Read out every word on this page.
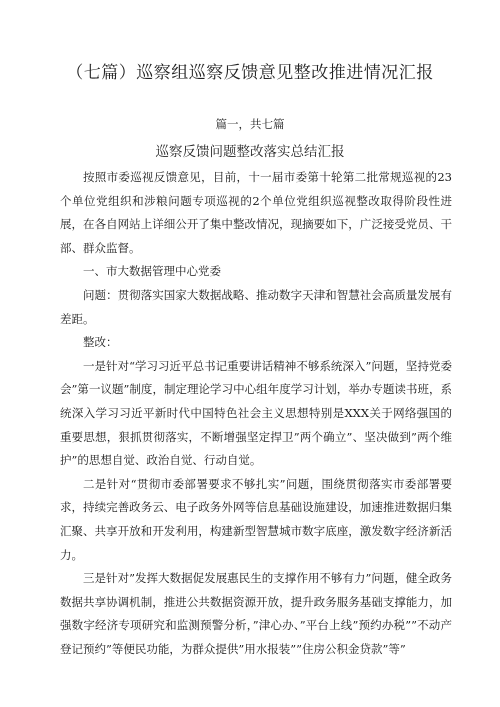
（七篇）巡察组巡察反馈意见整改推进情况汇报
篇一，共七篇
巡察反馈问题整改落实总结汇报

按照市委巡视反馈意见，目前，十一届市委第十轮第二批常规巡视的23个单位党组织和涉粮问题专项巡视的2个单位党组织巡视整改取得阶段性进展，在各自网站上详细公开了集中整改情况，现摘要如下，广泛接受党员、干部、群众监督。

一、市大数据管理中心党委

问题：贯彻落实国家大数据战略、推动数字天津和智慧社会高质量发展有差距。

整改：

一是针对“学习习近平总书记重要讲话精神不够系统深入”问题，坚持党委会”第一议题”制度，制定理论学习中心组年度学习计划，举办专题读书班，系统深入学习习近平新时代中国特色社会主义思想特别是XXX关于网络强国的重要思想，狠抓贯彻落实，不断增强坚定捍卫”两个确立”、坚决做到”两个维护”的思想自觉、政治自觉、行动自觉。

二是针对“贯彻市委部署要求不够扎实”问题，围绕贯彻落实市委部署要求，持续完善政务云、电子政务外网等信息基础设施建设，加速推进数据归集汇聚、共享开放和开发利用，构建新型智慧城市数字底座，激发数字经济新活力。

三是针对”发挥大数据促发展惠民生的支撑作用不够有力”问题，健全政务数据共享协调机制，推进公共数据资源开放，提升政务服务基础支撑能力，加强数字经济专项研究和监测预警分析，”津心办、”平台上线”预约办税””不动产登记预约”等便民功能，为群众提供”用水报装””住房公积金贷款”等”
